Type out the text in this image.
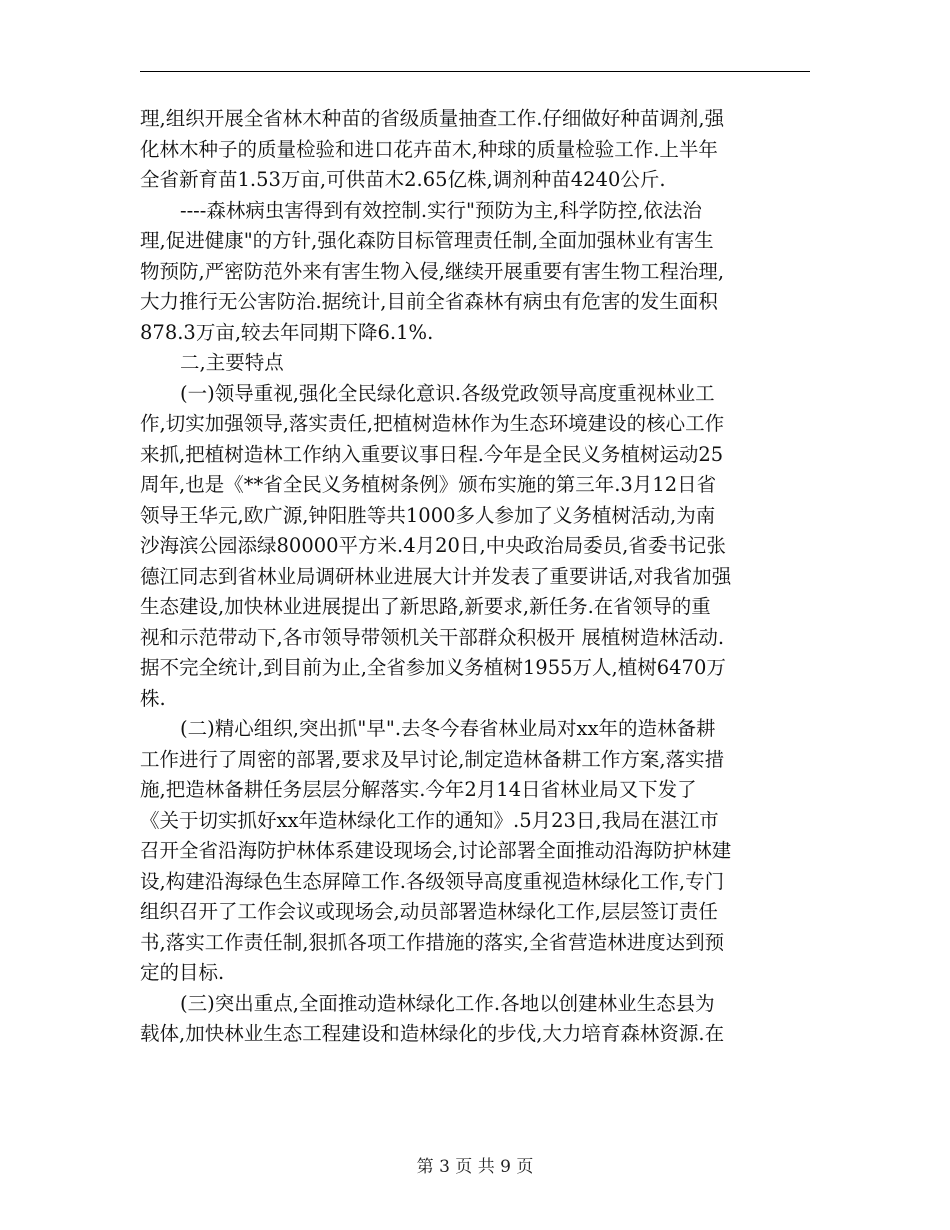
理,组织开展全省林木种苗的省级质量抽查工作.仔细做好种苗调剂,强
化林木种子的质量检验和进口花卉苗木,种球的质量检验工作.上半年
全省新育苗1.53万亩,可供苗木2.65亿株,调剂种苗4240公斤.
----森林病虫害得到有效控制.实行"预防为主,科学防控,依法治
理,促进健康"的方针,强化森防目标管理责任制,全面加强林业有害生
物预防,严密防范外来有害生物入侵,继续开展重要有害生物工程治理,
大力推行无公害防治.据统计,目前全省森林有病虫有危害的发生面积
878.3万亩,较去年同期下降6.1%.
二,主要特点
(一)领导重视,强化全民绿化意识.各级党政领导高度重视林业工
作,切实加强领导,落实责任,把植树造林作为生态环境建设的核心工作
来抓,把植树造林工作纳入重要议事日程.今年是全民义务植树运动25
周年,也是《**省全民义务植树条例》颁布实施的第三年.3月12日省
领导王华元,欧广源,钟阳胜等共1000多人参加了义务植树活动,为南
沙海滨公园添绿80000平方米.4月20日,中央政治局委员,省委书记张
德江同志到省林业局调研林业进展大计并发表了重要讲话,对我省加强
生态建设,加快林业进展提出了新思路,新要求,新任务.在省领导的重
视和示范带动下,各市领导带领机关干部群众积极开 展植树造林活动.
据不完全统计,到目前为止,全省参加义务植树1955万人,植树6470万
株.
(二)精心组织,突出抓"早".去冬今春省林业局对xx年的造林备耕
工作进行了周密的部署,要求及早讨论,制定造林备耕工作方案,落实措
施,把造林备耕任务层层分解落实.今年2月14日省林业局又下发了
《关于切实抓好xx年造林绿化工作的通知》.5月23日,我局在湛江市
召开全省沿海防护林体系建设现场会,讨论部署全面推动沿海防护林建
设,构建沿海绿色生态屏障工作.各级领导高度重视造林绿化工作,专门
组织召开了工作会议或现场会,动员部署造林绿化工作,层层签订责任
书,落实工作责任制,狠抓各项工作措施的落实,全省营造林进度达到预
定的目标.
(三)突出重点,全面推动造林绿化工作.各地以创建林业生态县为
载体,加快林业生态工程建设和造林绿化的步伐,大力培育森林资源.在
第 3 页 共 9 页
